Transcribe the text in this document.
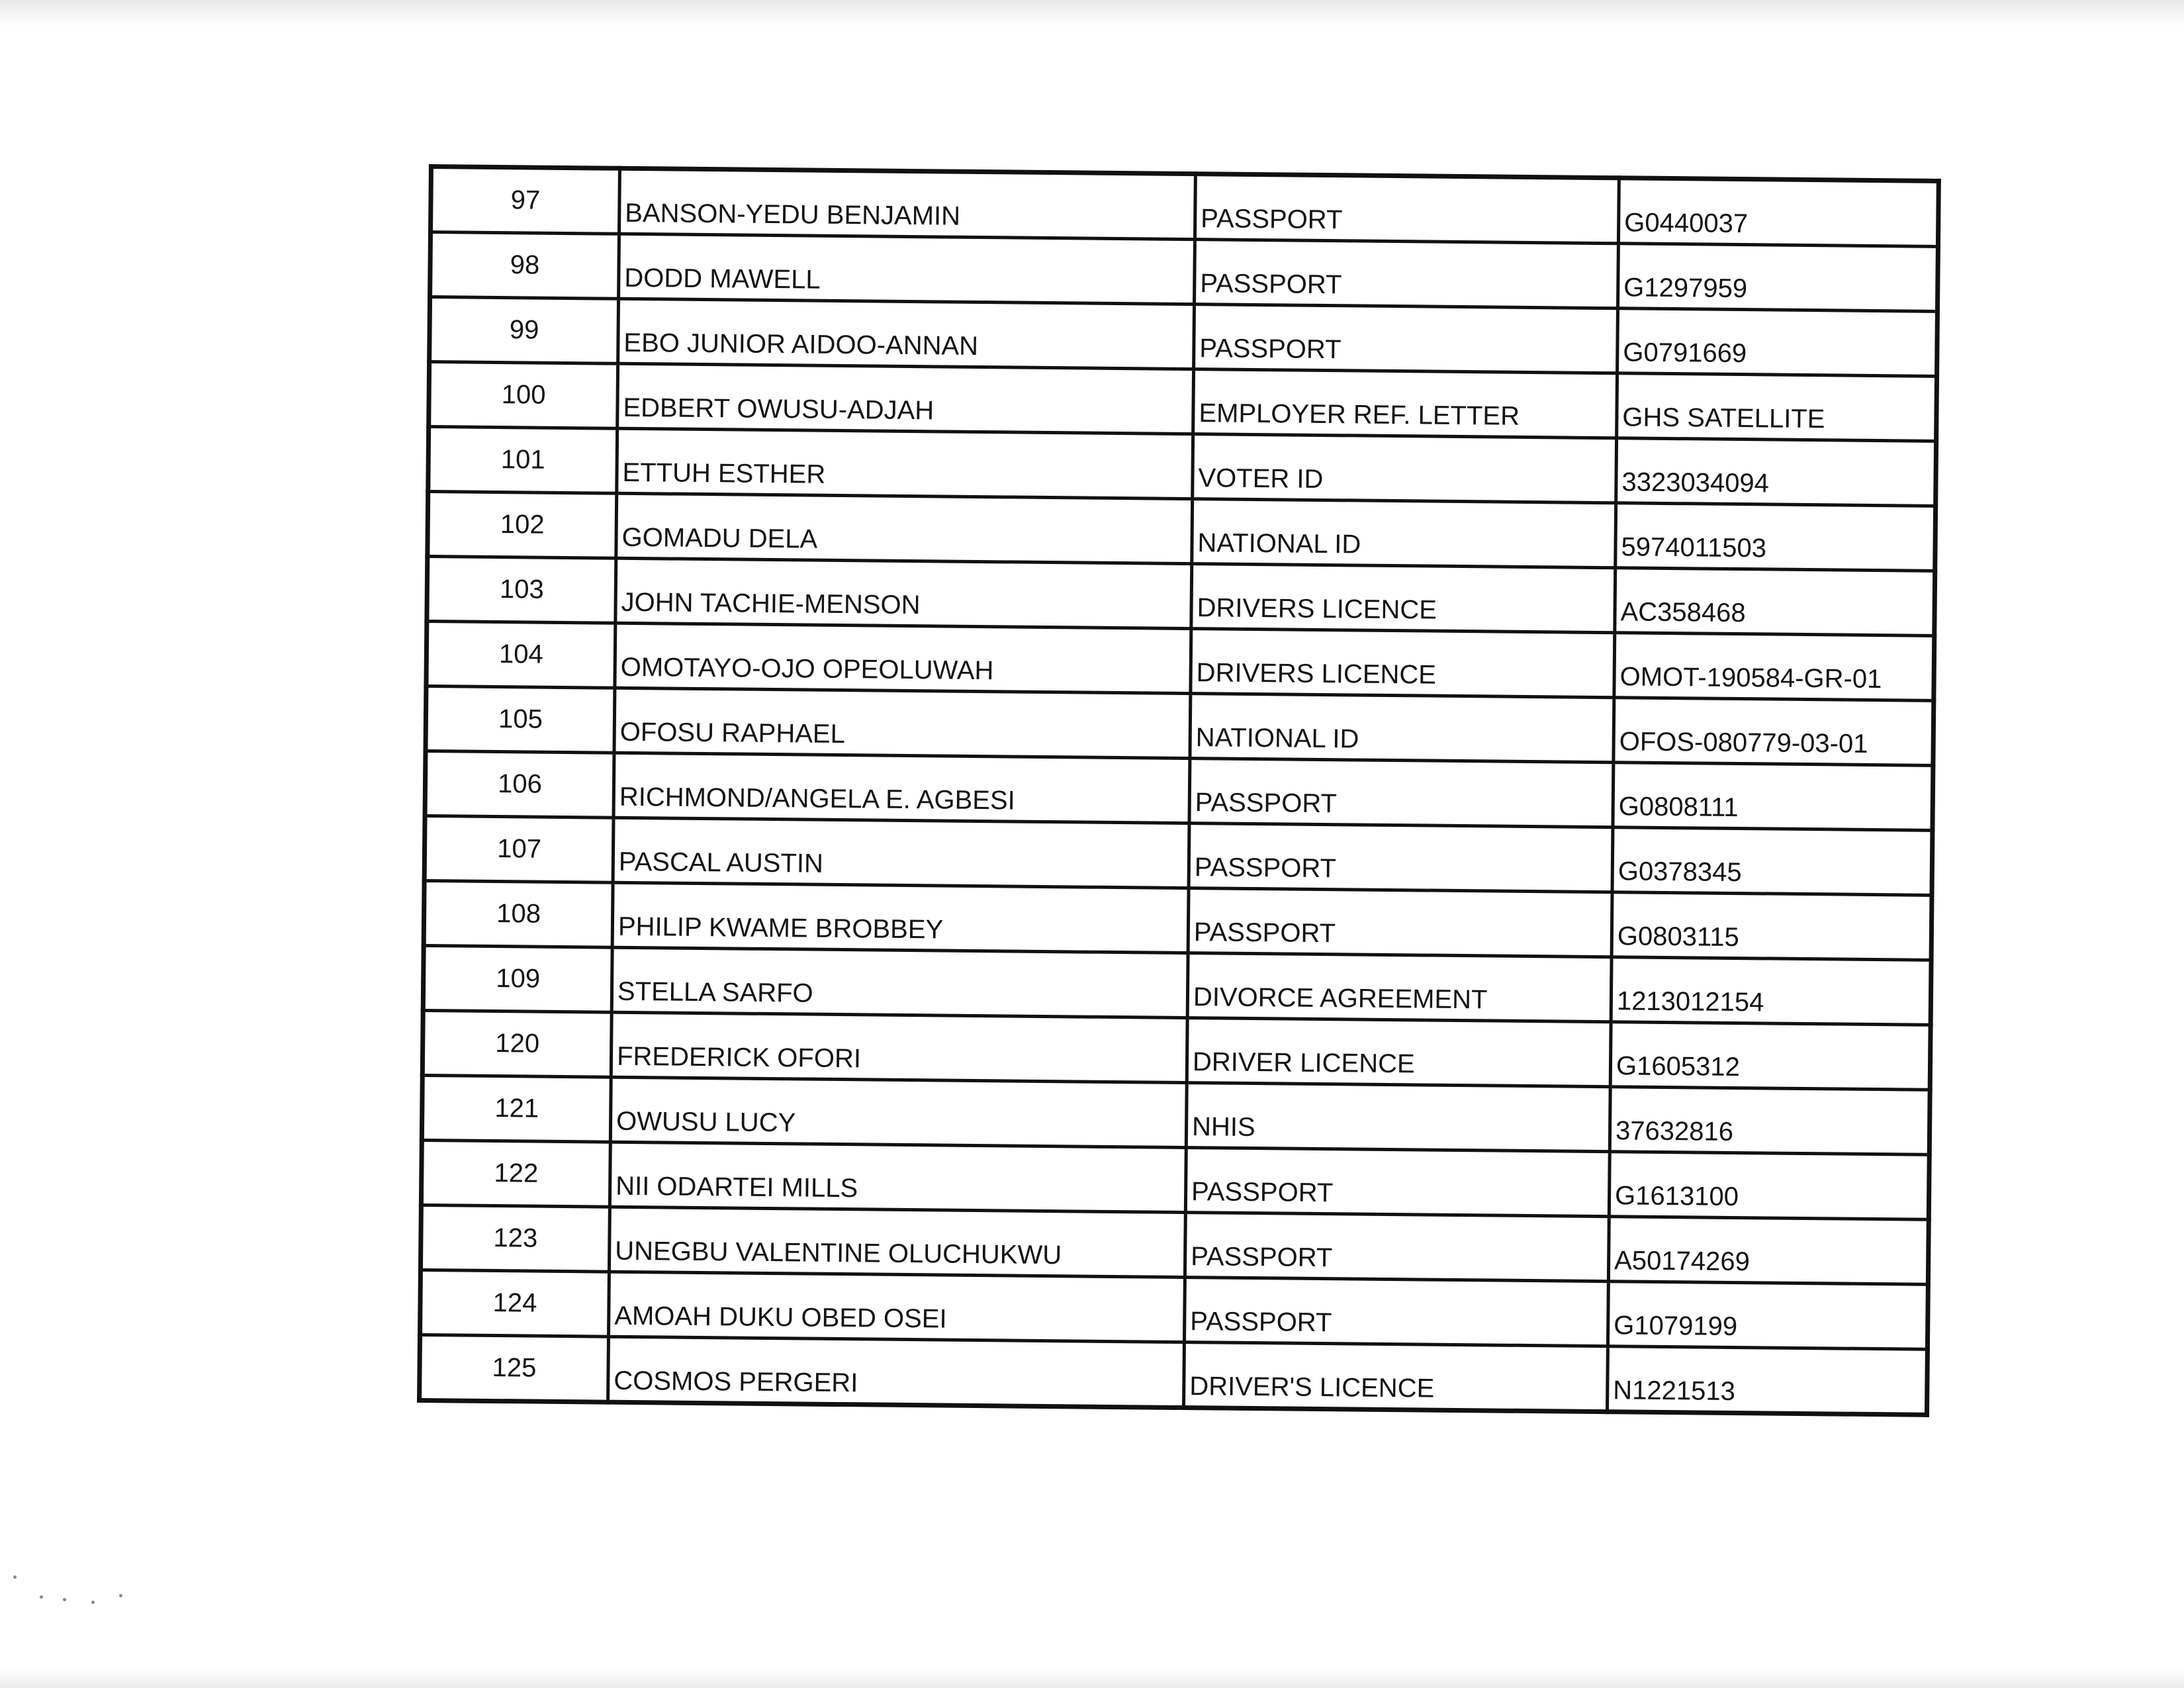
97	BANSON-YEDU BENJAMIN	PASSPORT	G0440037
98	DODD MAWELL	PASSPORT	G1297959
99	EBO JUNIOR AIDOO-ANNAN	PASSPORT	G0791669
100	EDBERT OWUSU-ADJAH	EMPLOYER REF. LETTER	GHS SATELLITE
101	ETTUH ESTHER	VOTER ID	3323034094
102	GOMADU DELA	NATIONAL ID	5974011503
103	JOHN TACHIE-MENSON	DRIVERS LICENCE	AC358468
104	OMOTAYO-OJO OPEOLUWAH	DRIVERS LICENCE	OMOT-190584-GR-01
105	OFOSU RAPHAEL	NATIONAL ID	OFOS-080779-03-01
106	RICHMOND/ANGELA E. AGBESI	PASSPORT	G0808111
107	PASCAL AUSTIN	PASSPORT	G0378345
108	PHILIP KWAME BROBBEY	PASSPORT	G0803115
109	STELLA SARFO	DIVORCE AGREEMENT	1213012154
120	FREDERICK OFORI	DRIVER LICENCE	G1605312
121	OWUSU LUCY	NHIS	37632816
122	NII ODARTEI MILLS	PASSPORT	G1613100
123	UNEGBU VALENTINE OLUCHUKWU	PASSPORT	A50174269
124	AMOAH DUKU OBED OSEI	PASSPORT	G1079199
125	COSMOS PERGERI	DRIVER'S LICENCE	N1221513
